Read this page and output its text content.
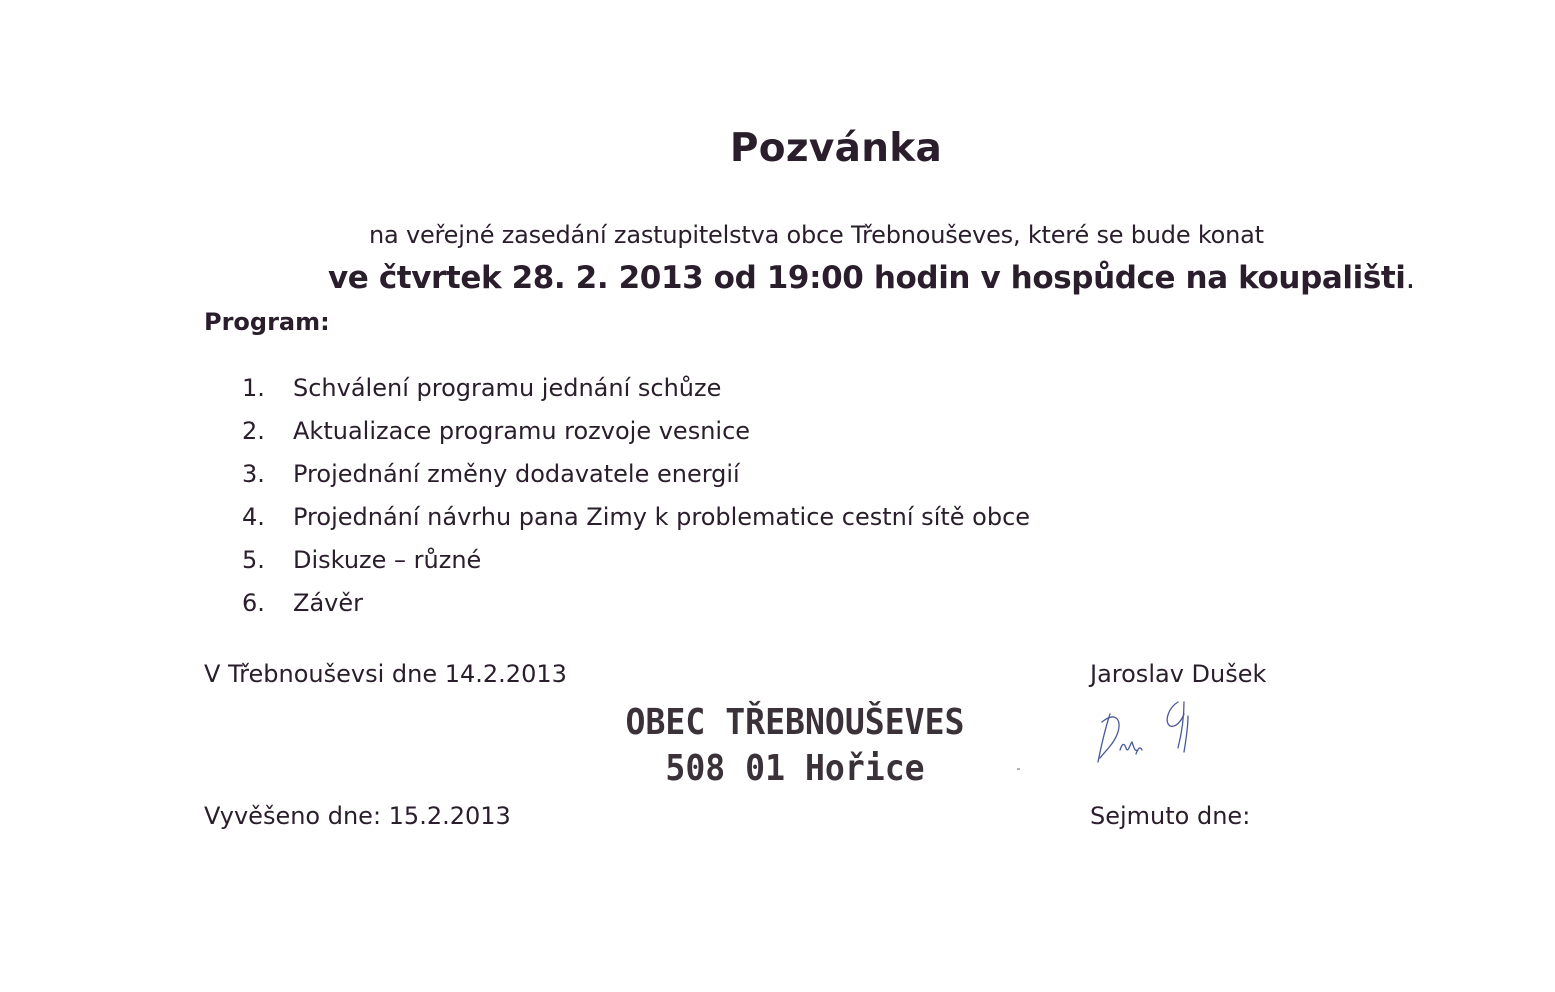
Pozvánka
na veřejné zasedání zastupitelstva obce Třebnouševes, které se bude konat
ve čtvrtek 28. 2. 2013 od 19:00 hodin v hospůdce na koupališti.
Program:
1.	Schválení programu jednání schůze
2.	Aktualizace programu rozvoje vesnice
3.	Projednání změny dodavatele energií
4.	Projednání návrhu pana Zimy k problematice cestní sítě obce
5.	Diskuze – různé
6.	Závěr
V Třebnouševsi dne 14.2.2013	Jaroslav Dušek
OBEC TŘEBNOUŠEVES
508 01 Hořice
Vyvěšeno dne: 15.2.2013	Sejmuto dne:
